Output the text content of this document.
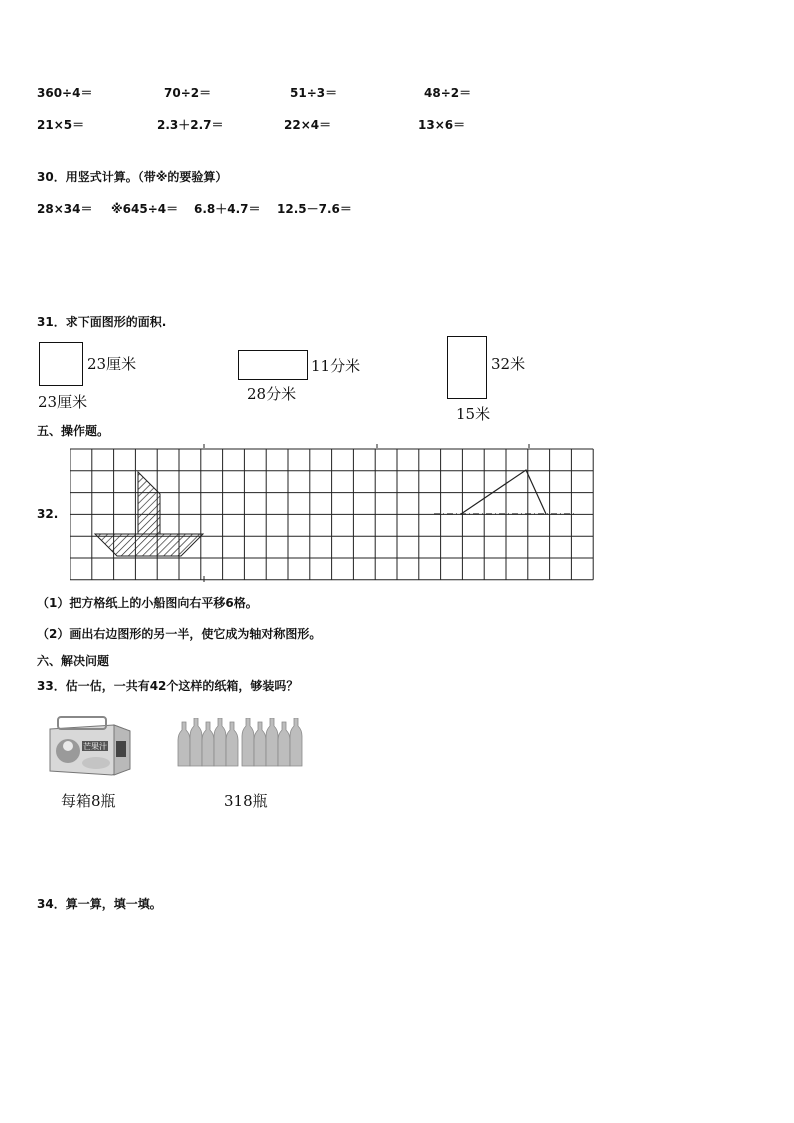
360÷4＝	70÷2＝	51÷3＝	48÷2＝
21×5＝	2.3＋2.7＝	22×4＝	13×6＝
30．用竖式计算。（带※的要验算）
28×34＝ ※645÷4＝ 6.8＋4.7＝ 12.5－7.6＝
31．求下面图形的面积.
23厘米
23厘米
11分米
28分米
32米
15米
五、操作题。
32.
（1）把方格纸上的小船图向右平移6格。
（2）画出右边图形的另一半，使它成为轴对称图形。
六、解决问题
33．估一估，一共有42个这样的纸箱，够装吗？
芒果汁
每箱8瓶	318瓶
34．算一算，填一填。
